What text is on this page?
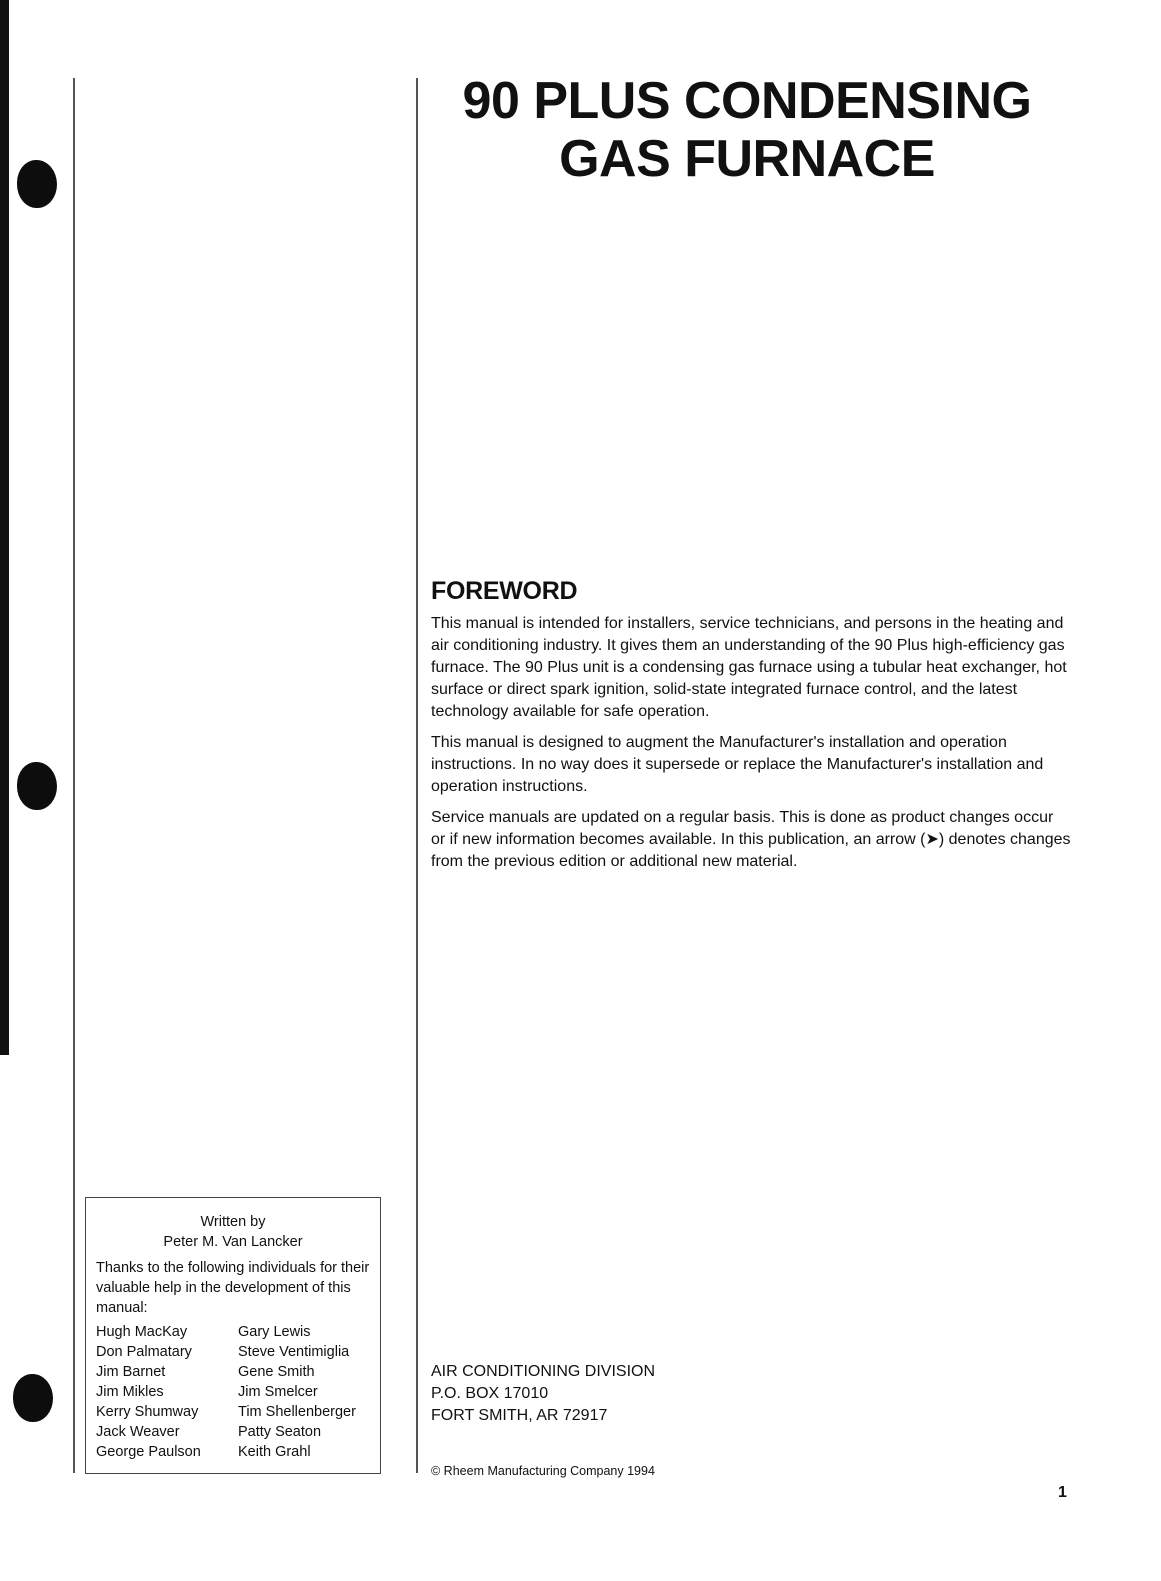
90 PLUS CONDENSING
GAS FURNACE
FOREWORD

This manual is intended for installers, service technicians, and persons in the heating and air conditioning industry. It gives them an understanding of the 90 Plus high-efficiency gas furnace. The 90 Plus unit is a condensing gas furnace using a tubular heat exchanger, hot surface or direct spark ignition, solid-state integrated furnace control, and the latest technology available for safe operation.

This manual is designed to augment the Manufacturer's installation and operation instructions. In no way does it supersede or replace the Manufacturer's installation and operation instructions.

Service manuals are updated on a regular basis. This is done as product changes occur or if new information becomes available. In this publication, an arrow (➤) denotes changes from the previous edition or additional new material.

Written by
Peter M. Van Lancker

Thanks to the following individuals for their valuable help in the development of this manual:

Hugh MacKay	Gary Lewis
Don Palmatary	Steve Ventimiglia
Jim Barnet	Gene Smith
Jim Mikles	Jim Smelcer
Kerry Shumway	Tim Shellenberger
Jack Weaver	Patty Seaton
George Paulson	Keith Grahl
AIR CONDITIONING DIVISION
P.O. BOX 17010
FORT SMITH, AR 72917
© Rheem Manufacturing Company 1994
1
